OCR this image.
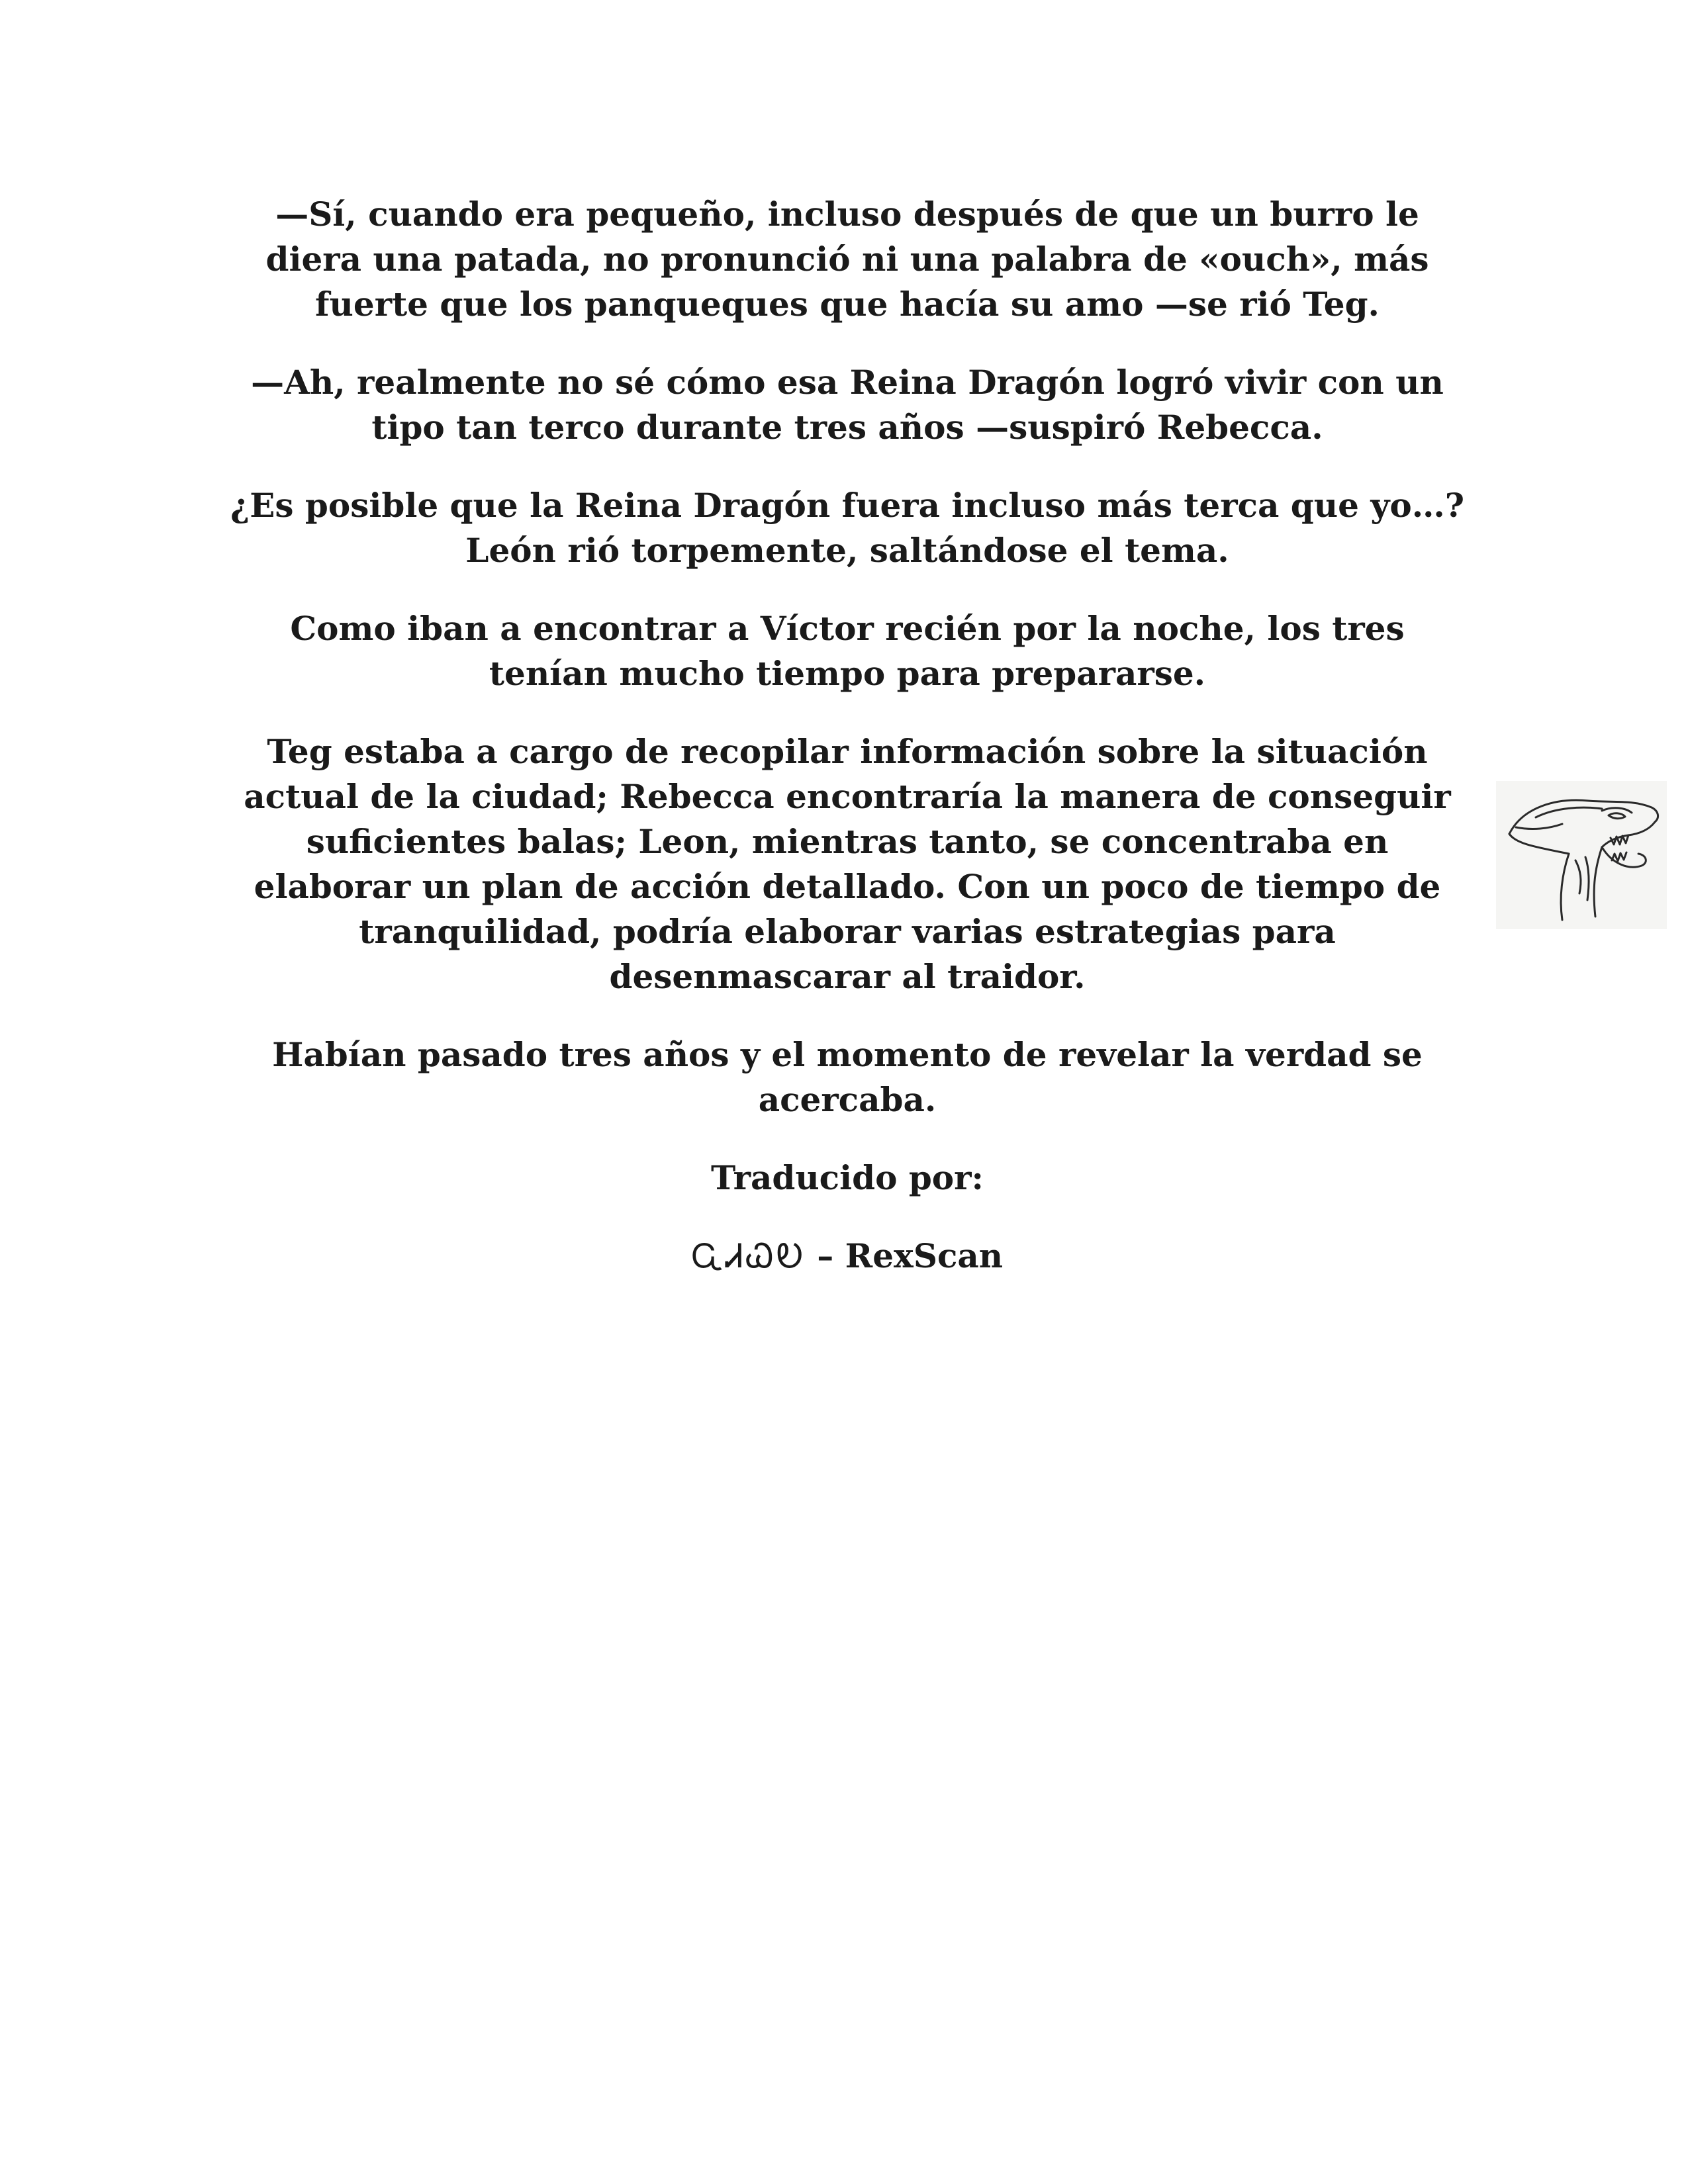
—Sí, cuando era pequeño, incluso después de que un burro le diera una patada, no pronunció ni una palabra de «ouch», más fuerte que los panqueques que hacía su amo —se rió Teg.

—Ah, realmente no sé cómo esa Reina Dragón logró vivir con un tipo tan terco durante tres años —suspiró Rebecca.

¿Es posible que la Reina Dragón fuera incluso más terca que yo…? León rió torpemente, saltándose el tema.

Como iban a encontrar a Víctor recién por la noche, los tres tenían mucho tiempo para prepararse.

Teg estaba a cargo de recopilar información sobre la situación actual de la ciudad; Rebecca encontraría la manera de conseguir suficientes balas; Leon, mientras tanto, se concentraba en elaborar un plan de acción detallado. Con un poco de tiempo de tranquilidad, podría elaborar varias estrategias para desenmascarar al traidor.

Habían pasado tres años y el momento de revelar la verdad se acercaba.

Traducido por:

ᏩᏗᏇᎧ – RexScan
